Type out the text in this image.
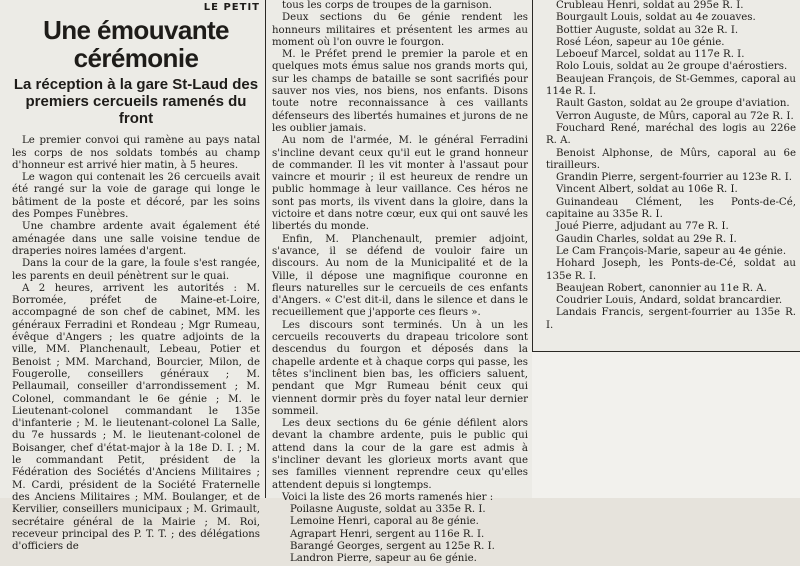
LE PETIT
Une émouvante cérémonie
La réception à la gare St-Laud des premiers cercueils ramenés du front

Le premier convoi qui ramène au pays natal les corps de nos soldats tombés au champ d'honneur est arrivé hier matin, à 5 heures.

Le wagon qui contenait les 26 cercueils avait été rangé sur la voie de garage qui longe le bâtiment de la poste et décoré, par les soins des Pompes Funèbres.

Une chambre ardente avait également été aménagée dans une salle voisine tendue de draperies noires lamées d'argent.

Dans la cour de la gare, la foule s'est rangée, les parents en deuil pénètrent sur le quai.

A 2 heures, arrivent les autorités : M. Borromée, préfet de Maine-et-Loire, accompagné de son chef de cabinet, MM. les généraux Ferradini et Rondeau ; Mgr Rumeau, évêque d'Angers ; les quatre adjoints de la ville, MM. Planchenault, Lebeau, Potier et Benoist ; MM. Marchand, Bourcier, Milon, de Fougerolle, conseillers généraux ; M. Pellaumail, conseiller d'arrondissement ; M. Colonel, commandant le 6e génie ; M. le Lieutenant-colonel commandant le 135e d'infanterie ; M. le lieutenant-colonel La Salle, du 7e hussards ; M. le lieutenant-colonel de Boisanger, chef d'état-major à la 18e D. I. ; M. le commandant Petit, président de la Fédération des Sociétés d'Anciens Militaires ; M. Cardi, président de la Société Fraternelle des Anciens Militaires ; MM. Boulanger, et de Kervilier, conseillers municipaux ; M. Grimault, secrétaire général de la Mairie ; M. Roi, receveur principal des P. T. T. ; des délégations d'officiers de

tous les corps de troupes de la garnison.

Deux sections du 6e génie rendent les honneurs militaires et présentent les armes au moment où l'on ouvre le fourgon.

M. le Préfet prend le premier la parole et en quelques mots émus salue nos grands morts qui, sur les champs de bataille se sont sacrifiés pour sauver nos vies, nos biens, nos enfants. Disons toute notre reconnaissance à ces vaillants défenseurs des libertés humaines et jurons de ne les oublier jamais.

Au nom de l'armée, M. le général Ferradini s'incline devant ceux qu'il eut le grand honneur de commander. Il les vit monter à l'assaut pour vaincre et mourir ; il est heureux de rendre un public hommage à leur vaillance. Ces héros ne sont pas morts, ils vivent dans la gloire, dans la victoire et dans notre cœur, eux qui ont sauvé les libertés du monde.

Enfin, M. Planchenault, premier adjoint, s'avance, il se défend de vouloir faire un discours. Au nom de la Municipalité et de la Ville, il dépose une magnifique couronne en fleurs naturelles sur le cercueils de ces enfants d'Angers. « C'est dit-il, dans le silence et dans le recueillement que j'apporte ces fleurs ».

Les discours sont terminés. Un à un les cercueils recouverts du drapeau tricolore sont descendus du fourgon et déposés dans la chapelle ardente et à chaque corps qui passe, les têtes s'inclinent bien bas, les officiers saluent, pendant que Mgr Rumeau bénit ceux qui viennent dormir près du foyer natal leur dernier sommeil.

Les deux sections du 6e génie défilent alors devant la chambre ardente, puis le public qui attend dans la cour de la gare est admis à s'incliner devant les glorieux morts avant que ses familles viennent reprendre ceux qu'elles attendent depuis si longtemps.

Voici la liste des 26 morts ramenés hier :

Poilasne Auguste, soldat au 335e R. I.

Lemoine Henri, caporal au 8e génie.

Agrapart Henri, sergent au 116e R. I.

Barangé Georges, sergent au 125e R. I.

Landron Pierre, sapeur au 6e génie.

Crubleau Henri, soldat au 295e R. I.

Bourgault Louis, soldat au 4e zouaves.

Bottier Auguste, soldat au 32e R. I.

Rosé Léon, sapeur au 10e génie.

Leboeuf Marcel, soldat au 117e R. I.

Rolo Louis, soldat au 2e groupe d'aérostiers.

Beaujean François, de St-Gemmes, caporal au 114e R. I.

Rault Gaston, soldat au 2e groupe d'aviation.

Verron Auguste, de Mûrs, caporal au 72e R. I.

Fouchard René, maréchal des logis au 226e R. A.

Benoist Alphonse, de Mûrs, caporal au 6e tirailleurs.

Grandin Pierre, sergent-fourrier au 123e R. I.

Vincent Albert, soldat au 106e R. I.

Guinandeau Clément, les Ponts-de-Cé, capitaine au 335e R. I.

Joué Pierre, adjudant au 77e R. I.

Gaudin Charles, soldat au 29e R. I.

Le Cam François-Marie, sapeur au 4e génie.

Hohard Joseph, les Ponts-de-Cé, soldat au 135e R. I.

Beaujean Robert, canonnier au 11e R. A.

Coudrier Louis, Andard, soldat brancardier.

Landais Francis, sergent-fourrier au 135e R. I.
